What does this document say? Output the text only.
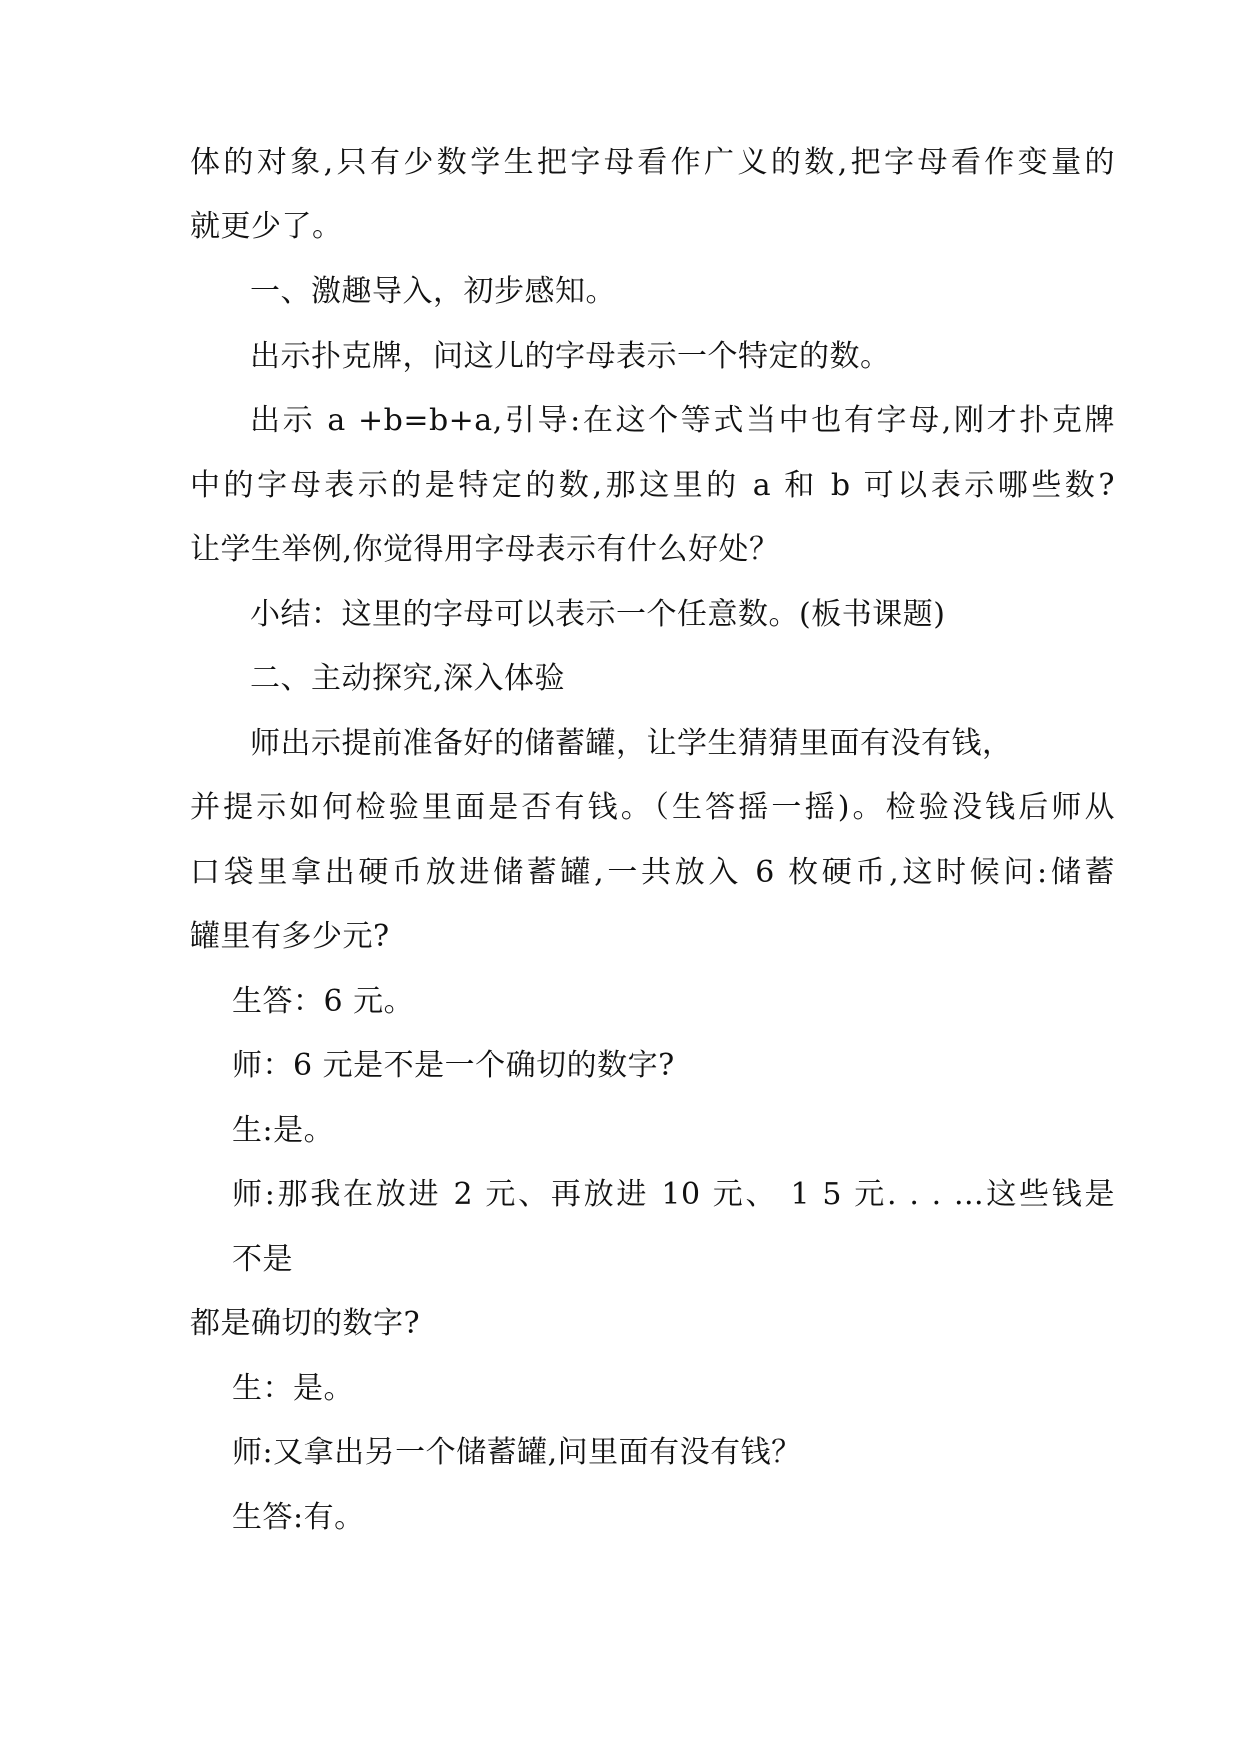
体的对象,只有少数学生把字母看作广义的数,把字母看作变量的
就更少了。
一、激趣导入，初步感知。
出示扑克牌，问这儿的字母表示一个特定的数。
出示 a +b=b+a,引导:在这个等式当中也有字母,刚才扑克牌
中的字母表示的是特定的数,那这里的 a 和 b 可以表示哪些数?
让学生举例,你觉得用字母表示有什么好处？
小结：这里的字母可以表示一个任意数。(板书课题)
二、主动探究,深入体验
师出示提前准备好的储蓄罐，让学生猜猜里面有没有钱，
并提示如何检验里面是否有钱。（生答摇一摇)。检验没钱后师从
口袋里拿出硬币放进储蓄罐,一共放入 6 枚硬币,这时候问:储蓄
罐里有多少元?
生答：6 元。
师：6 元是不是一个确切的数字?
生:是。
师:那我在放进 2 元、再放进 10 元、 1 5 元. . . ...这些钱是
不是
都是确切的数字?
生：是。
师:又拿出另一个储蓄罐,问里面有没有钱？
生答:有。
